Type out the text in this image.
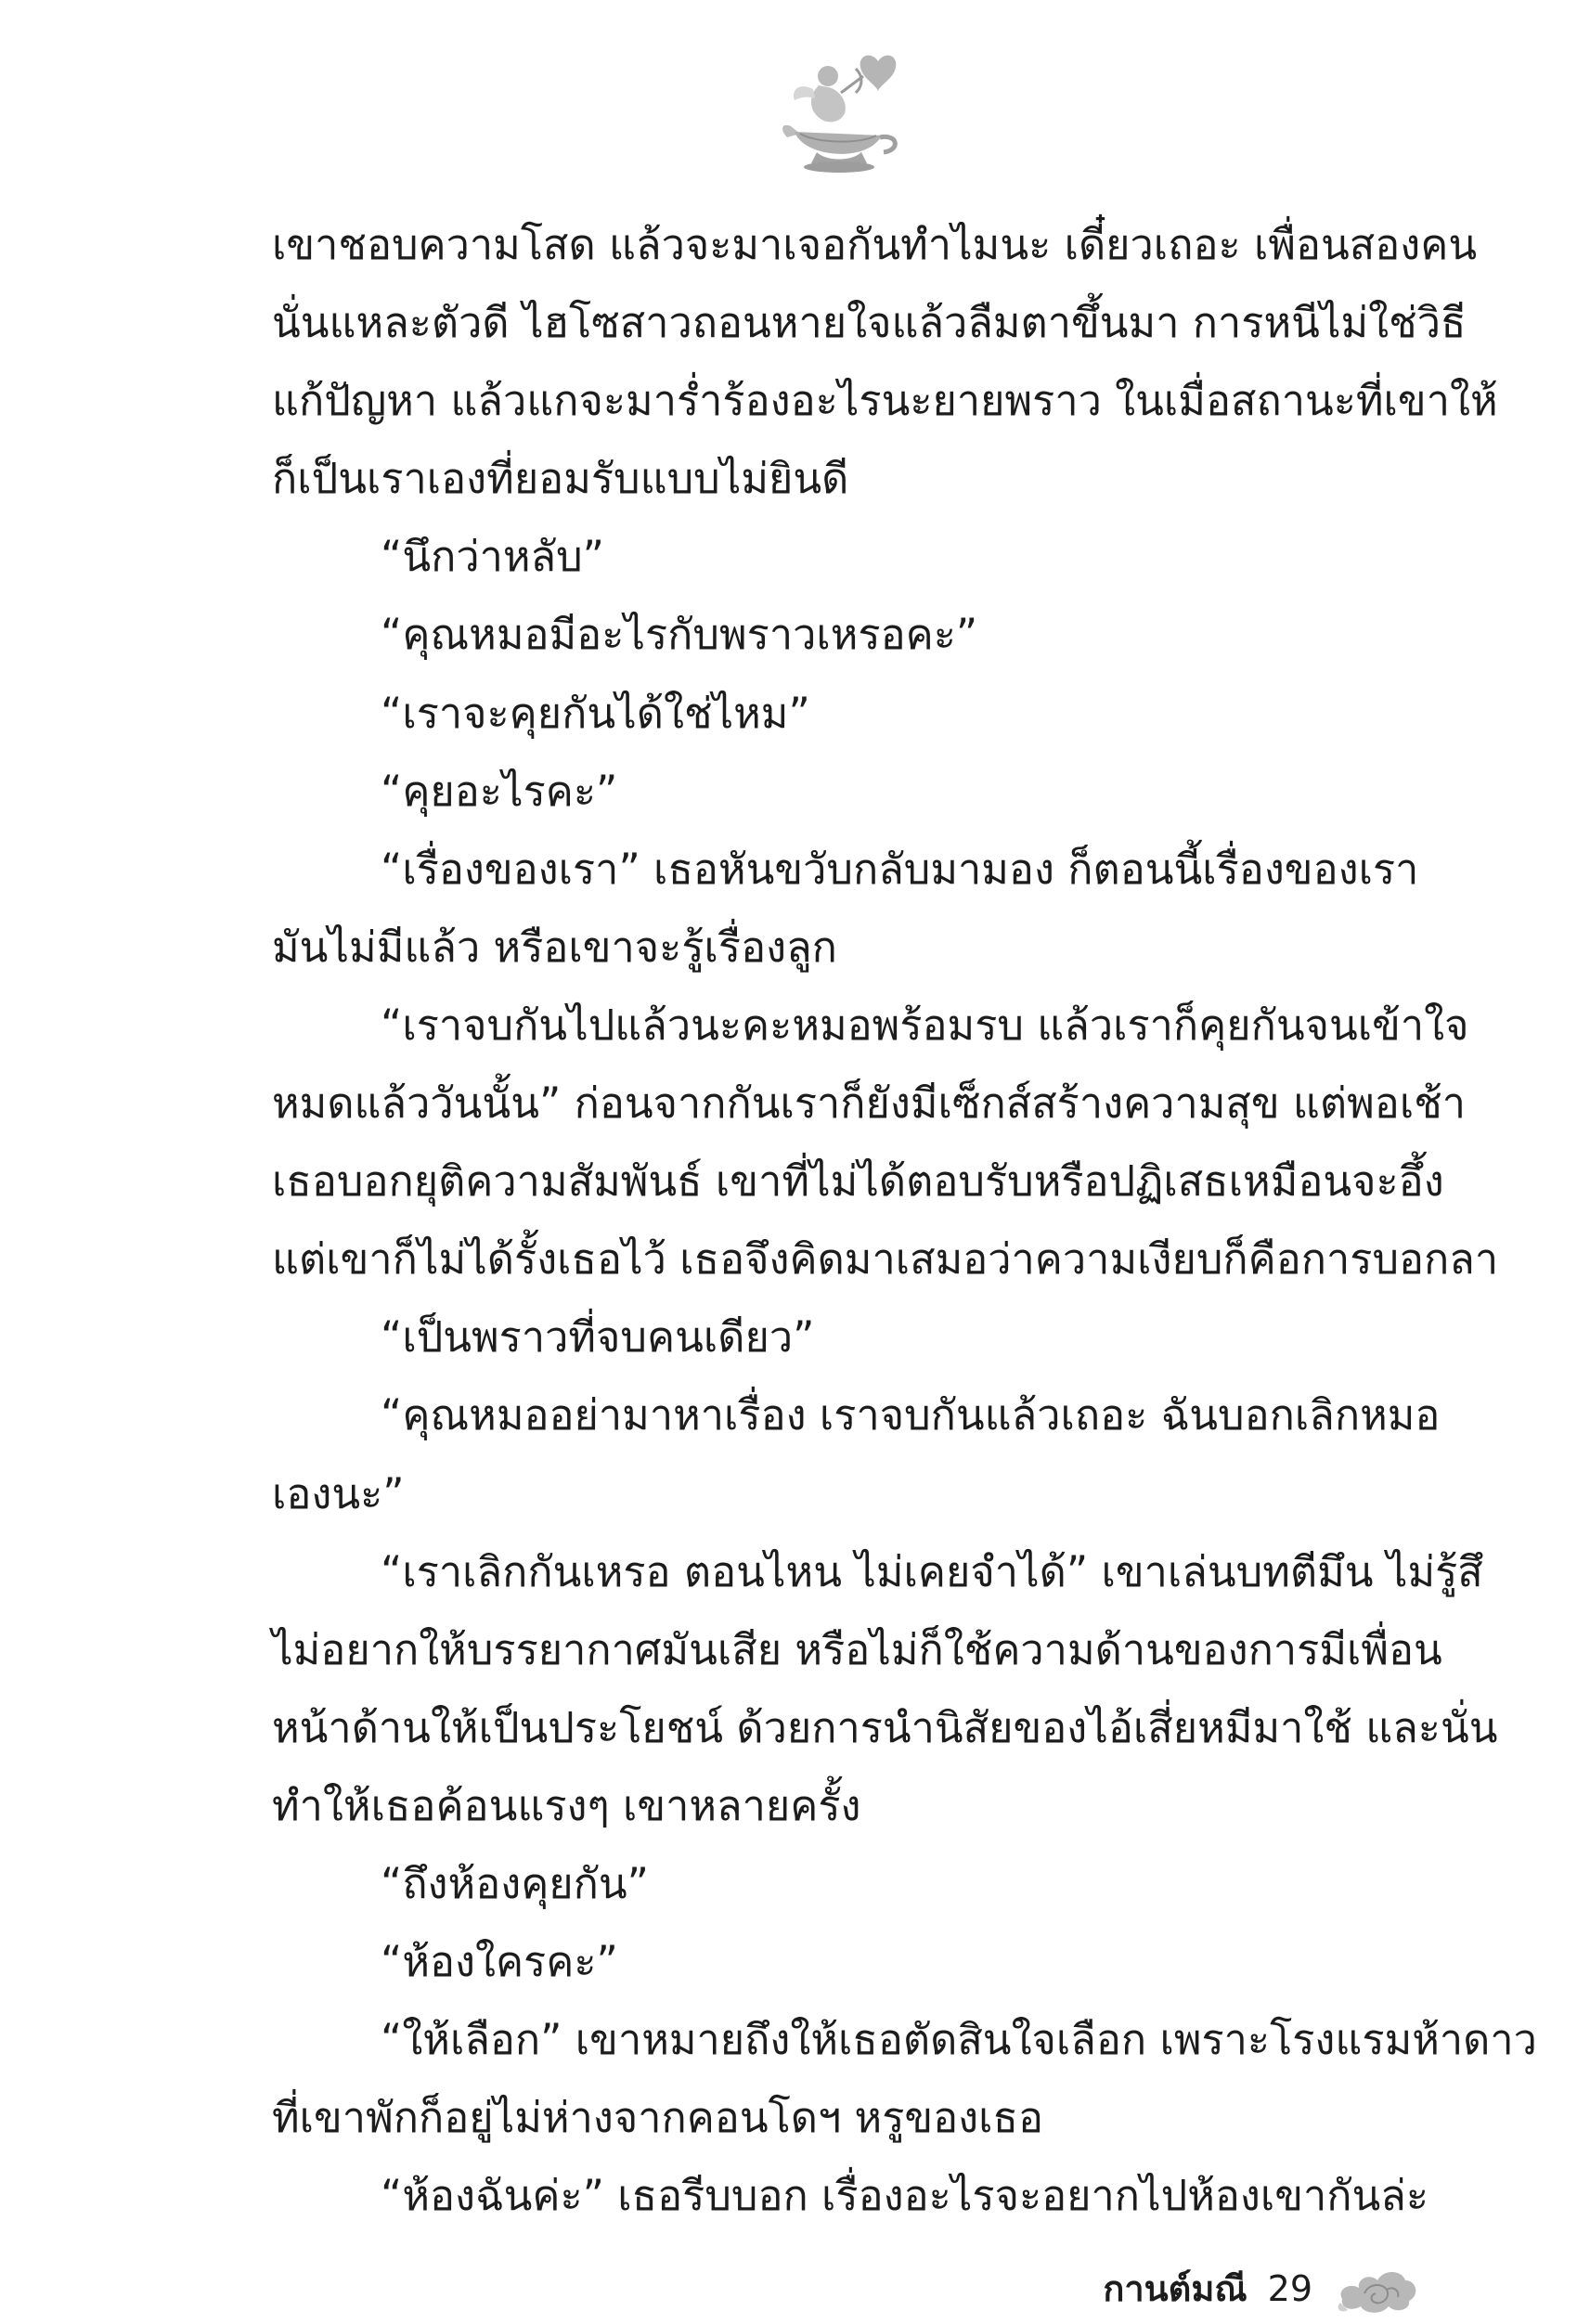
เขาชอบความโสด แล้วจะมาเจอกันทำไมนะ เดี๋ยวเถอะ เพื่อนสองคน

นั่นแหละตัวดี ไฮโซสาวถอนหายใจแล้วลืมตาขึ้นมา การหนีไม่ใช่วิธี

แก้ปัญหา แล้วแกจะมาร่ำร้องอะไรนะยายพราว ในเมื่อสถานะที่เขาให้

ก็เป็นเราเองที่ยอมรับแบบไม่ยินดี

“นึกว่าหลับ”

“คุณหมอมีอะไรกับพราวเหรอคะ”

“เราจะคุยกันได้ใช่ไหม”

“คุยอะไรคะ”

“เรื่องของเรา” เธอหันขวับกลับมามอง ก็ตอนนี้เรื่องของเรา

มันไม่มีแล้ว หรือเขาจะรู้เรื่องลูก

“เราจบกันไปแล้วนะคะหมอพร้อมรบ แล้วเราก็คุยกันจนเข้าใจ

หมดแล้ววันนั้น” ก่อนจากกันเราก็ยังมีเซ็กส์สร้างความสุข แต่พอเช้า

เธอบอกยุติความสัมพันธ์ เขาที่ไม่ได้ตอบรับหรือปฏิเสธเหมือนจะอึ้ง

แต่เขาก็ไม่ได้รั้งเธอไว้ เธอจึงคิดมาเสมอว่าความเงียบก็คือการบอกลา

“เป็นพราวที่จบคนเดียว”

“คุณหมออย่ามาหาเรื่อง เราจบกันแล้วเถอะ ฉันบอกเลิกหมอ

เองนะ”

“เราเลิกกันเหรอ ตอนไหน ไม่เคยจำได้” เขาเล่นบทตีมึน ไม่รู้สึ

ไม่อยากให้บรรยากาศมันเสีย หรือไม่ก็ใช้ความด้านของการมีเพื่อน

หน้าด้านให้เป็นประโยชน์ ด้วยการนำนิสัยของไอ้เสี่ยหมีมาใช้ และนั่น

ทำให้เธอค้อนแรงๆ เขาหลายครั้ง

“ถึงห้องคุยกัน”

“ห้องใครคะ”

“ให้เลือก” เขาหมายถึงให้เธอตัดสินใจเลือก เพราะโรงแรมห้าดาว

ที่เขาพักก็อยู่ไม่ห่างจากคอนโดฯ หรูของเธอ

“ห้องฉันค่ะ” เธอรีบบอก เรื่องอะไรจะอยากไปห้องเขากันล่ะ

กานต์มณี 29
